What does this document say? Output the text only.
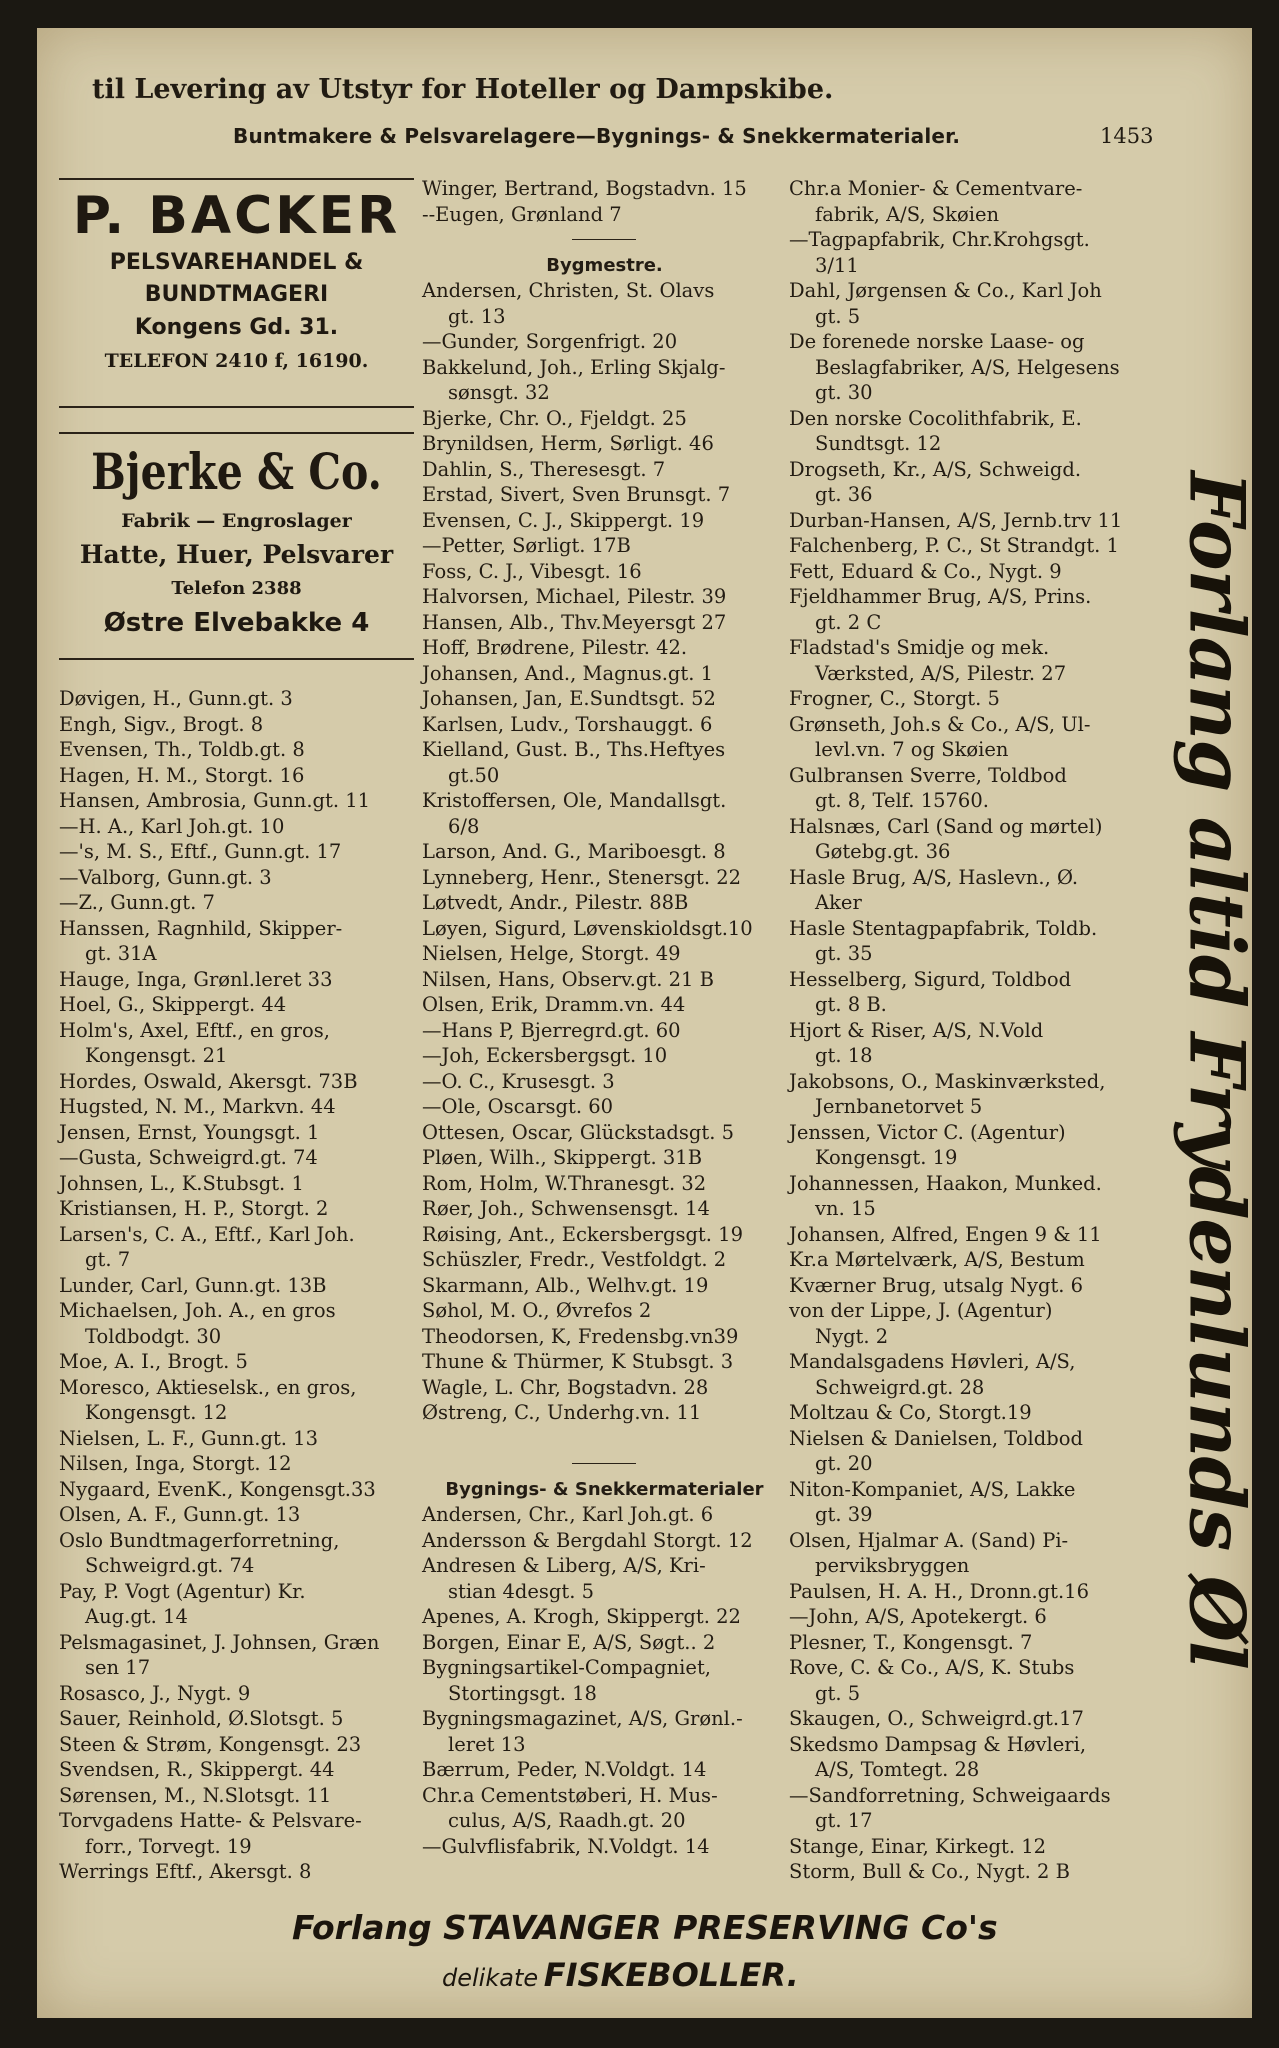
til Levering av Utstyr for Hoteller og Dampskibe.
Buntmakere & Pelsvarelagere—Bygnings- & Snekkermaterialer.	1453
P. BACKER
PELSVAREHANDEL &
BUNDTMAGERI
Kongens Gd. 31.
TELEFON 2410 f, 16190.
Bjerke & Co.
Fabrik — Engroslager
Hatte, Huer, Pelsvarer
Telefon 2388
Østre Elvebakke 4
Døvigen, H., Gunn.gt. 3
Engh, Sigv., Brogt. 8
Evensen, Th., Toldb.gt. 8
Hagen, H. M., Storgt. 16
Hansen, Ambrosia, Gunn.gt. 11
—H. A., Karl Joh.gt. 10
—'s, M. S., Eftf., Gunn.gt. 17
—Valborg, Gunn.gt. 3
—Z., Gunn.gt. 7
Hanssen, Ragnhild, Skipper-
gt. 31A
Hauge, Inga, Grønl.leret 33
Hoel, G., Skippergt. 44
Holm's, Axel, Eftf., en gros,
Kongensgt. 21
Hordes, Oswald, Akersgt. 73B
Hugsted, N. M., Markvn. 44
Jensen, Ernst, Youngsgt. 1
—Gusta, Schweigrd.gt. 74
Johnsen, L., K.Stubsgt. 1
Kristiansen, H. P., Storgt. 2
Larsen's, C. A., Eftf., Karl Joh.
gt. 7
Lunder, Carl, Gunn.gt. 13B
Michaelsen, Joh. A., en gros
Toldbodgt. 30
Moe, A. I., Brogt. 5
Moresco, Aktieselsk., en gros,
Kongensgt. 12
Nielsen, L. F., Gunn.gt. 13
Nilsen, Inga, Storgt. 12
Nygaard, EvenK., Kongensgt.33
Olsen, A. F., Gunn.gt. 13
Oslo Bundtmagerforretning,
Schweigrd.gt. 74
Pay, P. Vogt (Agentur) Kr.
Aug.gt. 14
Pelsmagasinet, J. Johnsen, Græn
sen 17
Rosasco, J., Nygt. 9
Sauer, Reinhold, Ø.Slotsgt. 5
Steen & Strøm, Kongensgt. 23
Svendsen, R., Skippergt. 44
Sørensen, M., N.Slotsgt. 11
Torvgadens Hatte- & Pelsvare-
forr., Torvegt. 19
Werrings Eftf., Akersgt. 8
Winger, Bertrand, Bogstadvn. 15
--Eugen, Grønland 7
Bygmestre.
Andersen, Christen, St. Olavs
gt. 13
—Gunder, Sorgenfrigt. 20
Bakkelund, Joh., Erling Skjalg-
sønsgt. 32
Bjerke, Chr. O., Fjeldgt. 25
Brynildsen, Herm, Sørligt. 46
Dahlin, S., Theresesgt. 7
Erstad, Sivert, Sven Brunsgt. 7
Evensen, C. J., Skippergt. 19
—Petter, Sørligt. 17B
Foss, C. J., Vibesgt. 16
Halvorsen, Michael, Pilestr. 39
Hansen, Alb., Thv.Meyersgt 27
Hoff, Brødrene, Pilestr. 42.
Johansen, And., Magnus.gt. 1
Johansen, Jan, E.Sundtsgt. 52
Karlsen, Ludv., Torshauggt. 6
Kielland, Gust. B., Ths.Heftyes
gt.50
Kristoffersen, Ole, Mandallsgt.
6/8
Larson, And. G., Mariboesgt. 8
Lynneberg, Henr., Stenersgt. 22
Løtvedt, Andr., Pilestr. 88B
Løyen, Sigurd, Løvenskioldsgt.10
Nielsen, Helge, Storgt. 49
Nilsen, Hans, Observ.gt. 21 B
Olsen, Erik, Dramm.vn. 44
—Hans P, Bjerregrd.gt. 60
—Joh, Eckersbergsgt. 10
—O. C., Krusesgt. 3
—Ole, Oscarsgt. 60
Ottesen, Oscar, Glückstadsgt. 5
Pløen, Wilh., Skippergt. 31B
Rom, Holm, W.Thranesgt. 32
Røer, Joh., Schwensensgt. 14
Røising, Ant., Eckersbergsgt. 19
Schüszler, Fredr., Vestfoldgt. 2
Skarmann, Alb., Welhv.gt. 19
Søhol, M. O., Øvrefos 2
Theodorsen, K, Fredensbg.vn39
Thune & Thürmer, K Stubsgt. 3
Wagle, L. Chr, Bogstadvn. 28
Østreng, C., Underhg.vn. 11
Bygnings- & Snekkermaterialer
Andersen, Chr., Karl Joh.gt. 6
Andersson & Bergdahl Storgt. 12
Andresen & Liberg, A/S, Kri-
stian 4desgt. 5
Apenes, A. Krogh, Skippergt. 22
Borgen, Einar E, A/S, Søgt.. 2
Bygningsartikel-Compagniet,
Stortingsgt. 18
Bygningsmagazinet, A/S, Grønl.-
leret 13
Bærrum, Peder, N.Voldgt. 14
Chr.a Cementstøberi, H. Mus-
culus, A/S, Raadh.gt. 20
—Gulvflisfabrik, N.Voldgt. 14
Chr.a Monier- & Cementvare-
fabrik, A/S, Skøien
—Tagpapfabrik, Chr.Krohgsgt.
3/11
Dahl, Jørgensen & Co., Karl Joh
gt. 5
De forenede norske Laase- og
Beslagfabriker, A/S, Helgesens
gt. 30
Den norske Cocolithfabrik, E.
Sundtsgt. 12
Drogseth, Kr., A/S, Schweigd.
gt. 36
Durban-Hansen, A/S, Jernb.trv 11
Falchenberg, P. C., St Strandgt. 1
Fett, Eduard & Co., Nygt. 9
Fjeldhammer Brug, A/S, Prins.
gt. 2 C
Fladstad's Smidje og mek.
Værksted, A/S, Pilestr. 27
Frogner, C., Storgt. 5
Grønseth, Joh.s & Co., A/S, Ul-
levl.vn. 7 og Skøien
Gulbransen Sverre, Toldbod
gt. 8, Telf. 15760.
Halsnæs, Carl (Sand og mørtel)
Gøtebg.gt. 36
Hasle Brug, A/S, Haslevn., Ø.
Aker
Hasle Stentagpapfabrik, Toldb.
gt. 35
Hesselberg, Sigurd, Toldbod
gt. 8 B.
Hjort & Riser, A/S, N.Vold
gt. 18
Jakobsons, O., Maskinværksted,
Jernbanetorvet 5
Jenssen, Victor C. (Agentur)
Kongensgt. 19
Johannessen, Haakon, Munked.
vn. 15
Johansen, Alfred, Engen 9 & 11
Kr.a Mørtelværk, A/S, Bestum
Kværner Brug, utsalg Nygt. 6
von der Lippe, J. (Agentur)
Nygt. 2
Mandalsgadens Høvleri, A/S,
Schweigrd.gt. 28
Moltzau & Co, Storgt.19
Nielsen & Danielsen, Toldbod
gt. 20
Niton-Kompaniet, A/S, Lakke
gt. 39
Olsen, Hjalmar A. (Sand) Pi-
perviksbryggen
Paulsen, H. A. H., Dronn.gt.16
—John, A/S, Apotekergt. 6
Plesner, T., Kongensgt. 7
Rove, C. & Co., A/S, K. Stubs
gt. 5
Skaugen, O., Schweigrd.gt.17
Skedsmo Dampsag & Høvleri,
A/S, Tomtegt. 28
—Sandforretning, Schweigaards
gt. 17
Stange, Einar, Kirkegt. 12
Storm, Bull & Co., Nygt. 2 B
Forlang altid Frydenlunds Øl
Forlang STAVANGER PRESERVING Co's
delikate FISKEBOLLER.
